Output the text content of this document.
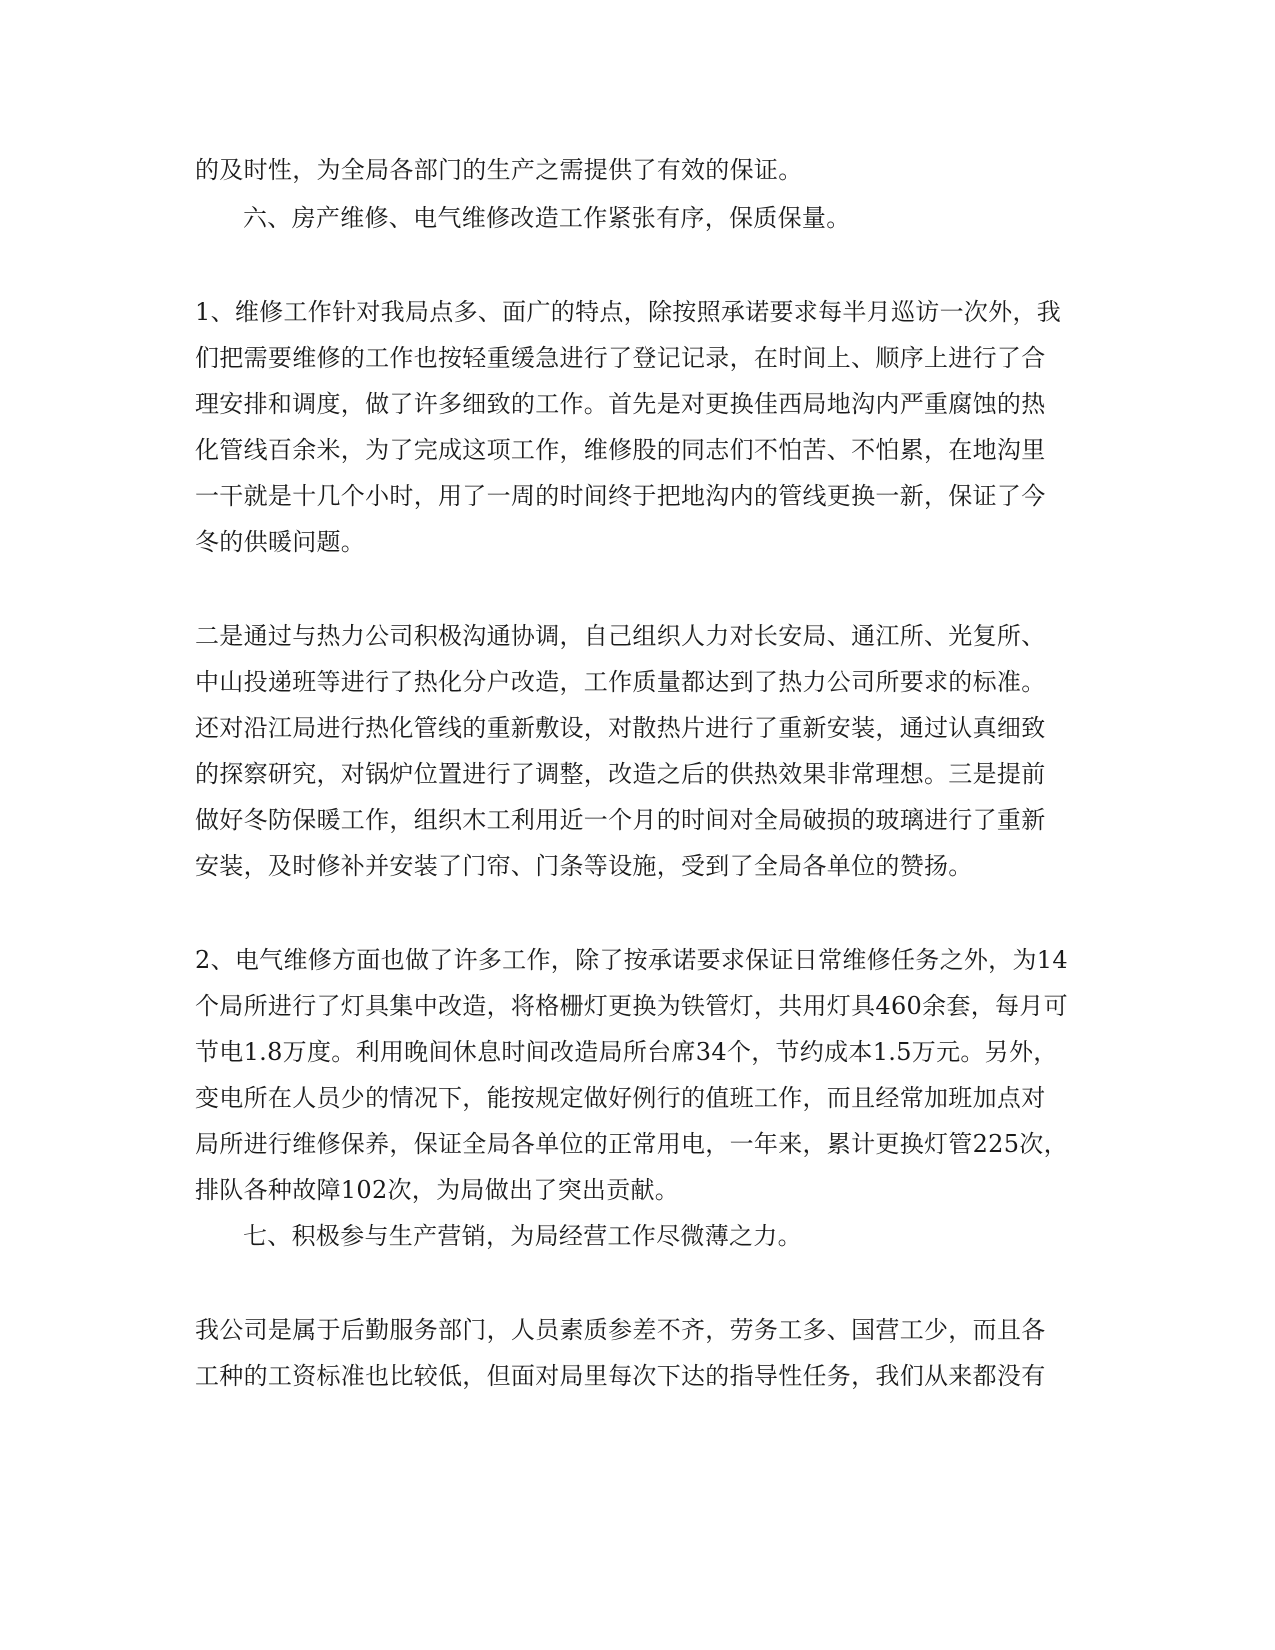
的及时性，为全局各部门的生产之需提供了有效的保证。

六、房产维修、电气维修改造工作紧张有序，保质保量。

1、维修工作针对我局点多、面广的特点，除按照承诺要求每半月巡访一次外，我

们把需要维修的工作也按轻重缓急进行了登记记录，在时间上、顺序上进行了合

理安排和调度，做了许多细致的工作。首先是对更换佳西局地沟内严重腐蚀的热

化管线百余米，为了完成这项工作，维修股的同志们不怕苦、不怕累，在地沟里

一干就是十几个小时，用了一周的时间终于把地沟内的管线更换一新，保证了今

冬的供暖问题。

二是通过与热力公司积极沟通协调，自己组织人力对长安局、通江所、光复所、

中山投递班等进行了热化分户改造，工作质量都达到了热力公司所要求的标准。

还对沿江局进行热化管线的重新敷设，对散热片进行了重新安装，通过认真细致

的探察研究，对锅炉位置进行了调整，改造之后的供热效果非常理想。三是提前

做好冬防保暖工作，组织木工利用近一个月的时间对全局破损的玻璃进行了重新

安装，及时修补并安装了门帘、门条等设施，受到了全局各单位的赞扬。

2、电气维修方面也做了许多工作，除了按承诺要求保证日常维修任务之外，为14

个局所进行了灯具集中改造，将格栅灯更换为铁管灯，共用灯具460余套，每月可

节电1.8万度。利用晚间休息时间改造局所台席34个，节约成本1.5万元。另外，

变电所在人员少的情况下，能按规定做好例行的值班工作，而且经常加班加点对

局所进行维修保养，保证全局各单位的正常用电，一年来，累计更换灯管225次，

排队各种故障102次，为局做出了突出贡献。

七、积极参与生产营销，为局经营工作尽微薄之力。

我公司是属于后勤服务部门，人员素质参差不齐，劳务工多、国营工少，而且各

工种的工资标准也比较低，但面对局里每次下达的指导性任务，我们从来都没有
